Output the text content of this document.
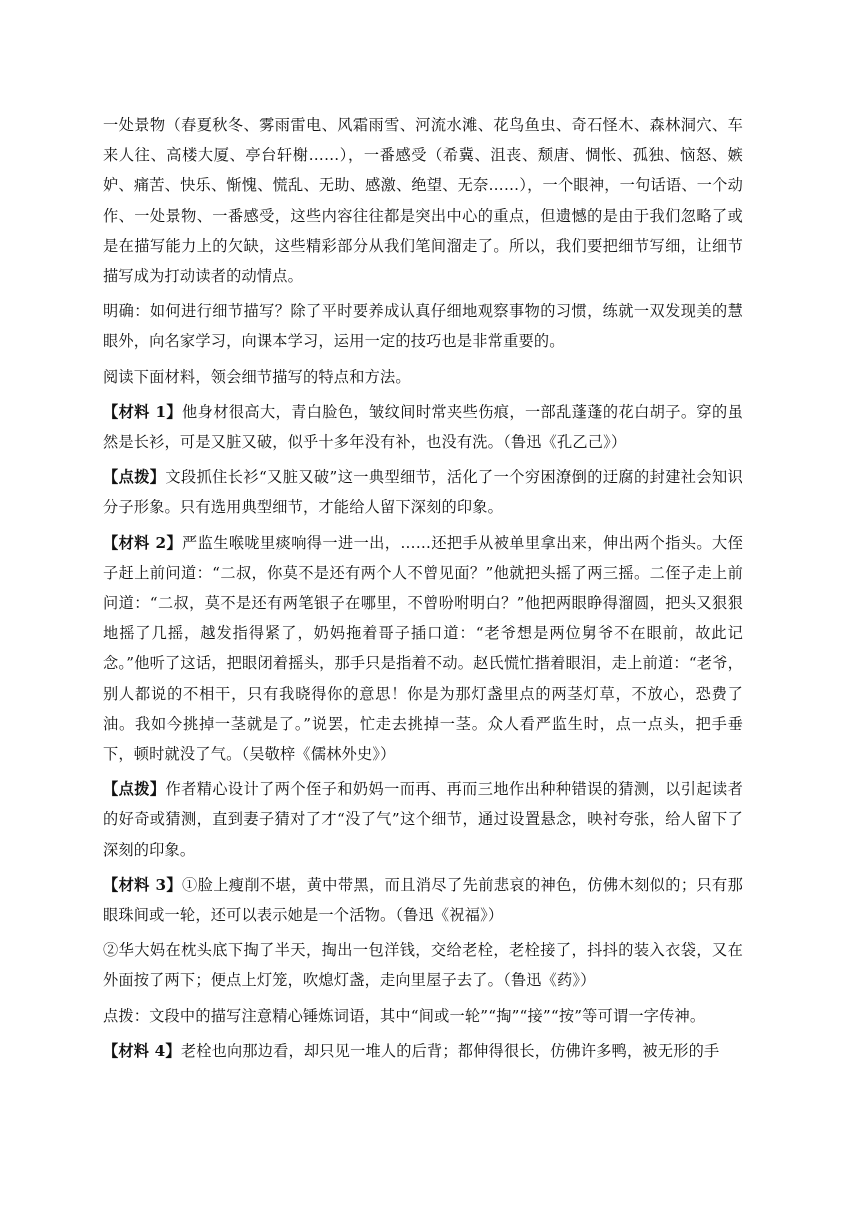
一处景物（春夏秋冬、雾雨雷电、风霜雨雪、河流水滩、花鸟鱼虫、奇石怪木、森林洞穴、车来人往、高楼大厦、亭台轩榭……），一番感受（希冀、沮丧、颓唐、惆怅、孤独、恼怒、嫉妒、痛苦、快乐、惭愧、慌乱、无助、感激、绝望、无奈……），一个眼神，一句话语、一个动作、一处景物、一番感受，这些内容往往都是突出中心的重点，但遗憾的是由于我们忽略了或是在描写能力上的欠缺，这些精彩部分从我们笔间溜走了。所以，我们要把细节写细，让细节描写成为打动读者的动情点。

明确：如何进行细节描写？除了平时要养成认真仔细地观察事物的习惯，练就一双发现美的慧眼外，向名家学习，向课本学习，运用一定的技巧也是非常重要的。

阅读下面材料，领会细节描写的特点和方法。

【材料 1】他身材很高大，青白脸色，皱纹间时常夹些伤痕，一部乱蓬蓬的花白胡子。穿的虽然是长衫，可是又脏又破，似乎十多年没有补，也没有洗。（鲁迅《孔乙己》）

【点拨】文段抓住长衫“又脏又破”这一典型细节，活化了一个穷困潦倒的迂腐的封建社会知识分子形象。只有选用典型细节，才能给人留下深刻的印象。

【材料 2】严监生喉咙里痰响得一进一出，……还把手从被单里拿出来，伸出两个指头。大侄子赶上前问道：“二叔，你莫不是还有两个人不曾见面？”他就把头摇了两三摇。二侄子走上前问道：“二叔，莫不是还有两笔银子在哪里，不曾吩咐明白？”他把两眼睁得溜圆，把头又狠狠地摇了几摇，越发指得紧了，奶妈拖着哥子插口道：“老爷想是两位舅爷不在眼前，故此记念。”他听了这话，把眼闭着摇头，那手只是指着不动。赵氏慌忙揩着眼泪，走上前道：“老爷，别人都说的不相干，只有我晓得你的意思！你是为那灯盏里点的两茎灯草，不放心，恐费了油。我如今挑掉一茎就是了。”说罢，忙走去挑掉一茎。众人看严监生时，点一点头，把手垂下，顿时就没了气。（吴敬梓《儒林外史》）

【点拨】作者精心设计了两个侄子和奶妈一而再、再而三地作出种种错误的猜测，以引起读者的好奇或猜测，直到妻子猜对了才“没了气”这个细节，通过设置悬念，映衬夸张，给人留下了深刻的印象。

【材料 3】①脸上瘦削不堪，黄中带黑，而且消尽了先前悲哀的神色，仿佛木刻似的；只有那眼珠间或一轮，还可以表示她是一个活物。（鲁迅《祝福》）

②华大妈在枕头底下掏了半天，掏出一包洋钱，交给老栓，老栓接了，抖抖的装入衣袋，又在外面按了两下；便点上灯笼，吹熄灯盏，走向里屋子去了。（鲁迅《药》）

点拨：文段中的描写注意精心锤炼词语，其中“间或一轮”“掏”“接”“按”等可谓一字传神。

【材料 4】老栓也向那边看，却只见一堆人的后背；都伸得很长，仿佛许多鸭，被无形的手
